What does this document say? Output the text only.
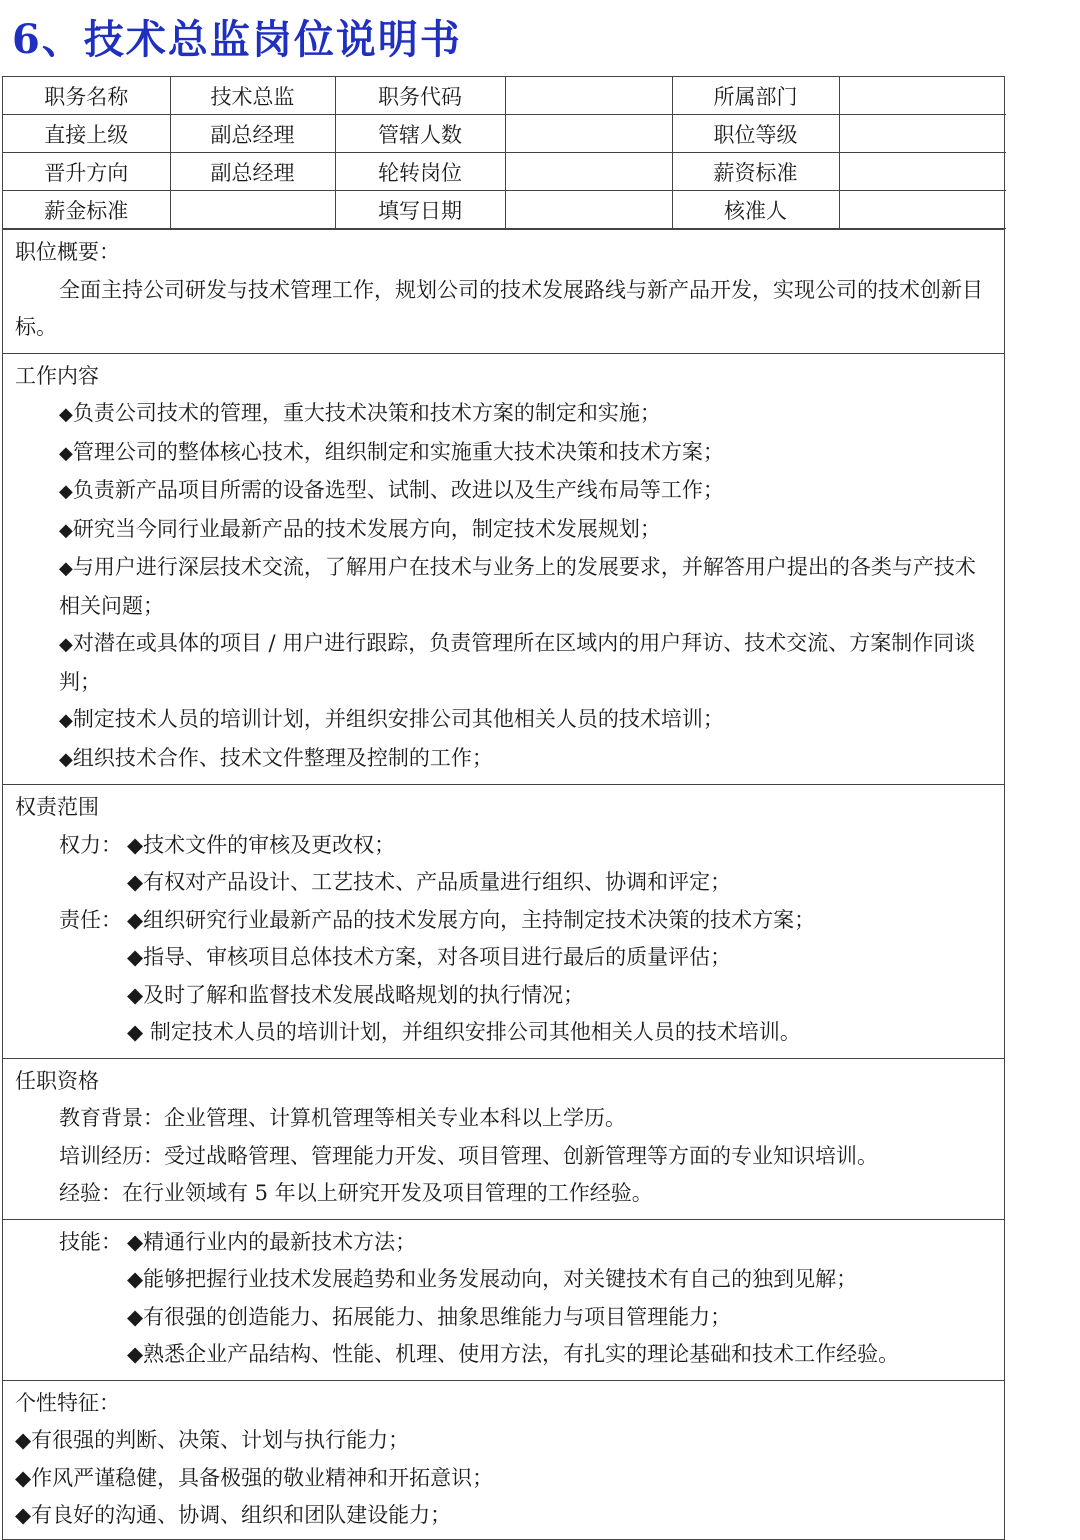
6、技术总监岗位说明书
职务名称	技术总监	职务代码		所属部门	
直接上级	副总经理	管辖人数		职位等级	
晋升方向	副总经理	轮转岗位		薪资标准	
薪金标准		填写日期		核准人	
职位概要：
全面主持公司研发与技术管理工作，规划公司的技术发展路线与新产品开发，实现公司的技术创新目标。
工作内容
◆负责公司技术的管理，重大技术决策和技术方案的制定和实施；
◆管理公司的整体核心技术，组织制定和实施重大技术决策和技术方案；
◆负责新产品项目所需的设备选型、试制、改进以及生产线布局等工作；
◆研究当今同行业最新产品的技术发展方向，制定技术发展规划；
◆与用户进行深层技术交流，了解用户在技术与业务上的发展要求，并解答用户提出的各类与产技术相关问题；
◆对潜在或具体的项目 / 用户进行跟踪，负责管理所在区域内的用户拜访、技术交流、方案制作同谈判；
◆制定技术人员的培训计划，并组织安排公司其他相关人员的技术培训；
◆组织技术合作、技术文件整理及控制的工作；
权责范围
权力： ◆技术文件的审核及更改权；
◆有权对产品设计、工艺技术、产品质量进行组织、协调和评定；
责任： ◆组织研究行业最新产品的技术发展方向，主持制定技术决策的技术方案；
◆指导、审核项目总体技术方案，对各项目进行最后的质量评估；
◆及时了解和监督技术发展战略规划的执行情况；
◆ 制定技术人员的培训计划，并组织安排公司其他相关人员的技术培训。
任职资格
教育背景：企业管理、计算机管理等相关专业本科以上学历。
培训经历：受过战略管理、管理能力开发、项目管理、创新管理等方面的专业知识培训。
经验：在行业领域有 5 年以上研究开发及项目管理的工作经验。
技能： ◆精通行业内的最新技术方法；
◆能够把握行业技术发展趋势和业务发展动向，对关键技术有自己的独到见解；
◆有很强的创造能力、拓展能力、抽象思维能力与项目管理能力；
◆熟悉企业产品结构、性能、机理、使用方法，有扎实的理论基础和技术工作经验。
个性特征：
◆有很强的判断、决策、计划与执行能力；
◆作风严谨稳健，具备极强的敬业精神和开拓意识；
◆有良好的沟通、协调、组织和团队建设能力；
